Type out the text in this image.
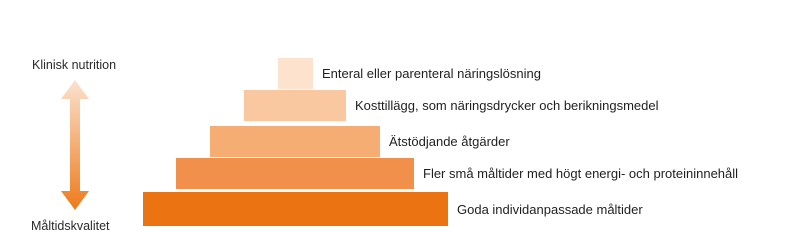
Klinisk nutrition
Måltidskvalitet
Enteral eller parenteral näringslösning
Kosttillägg, som näringsdrycker och berikningsmedel
Ätstödjande åtgärder
Fler små måltider med högt energi- och proteininnehåll
Goda individanpassade måltider
